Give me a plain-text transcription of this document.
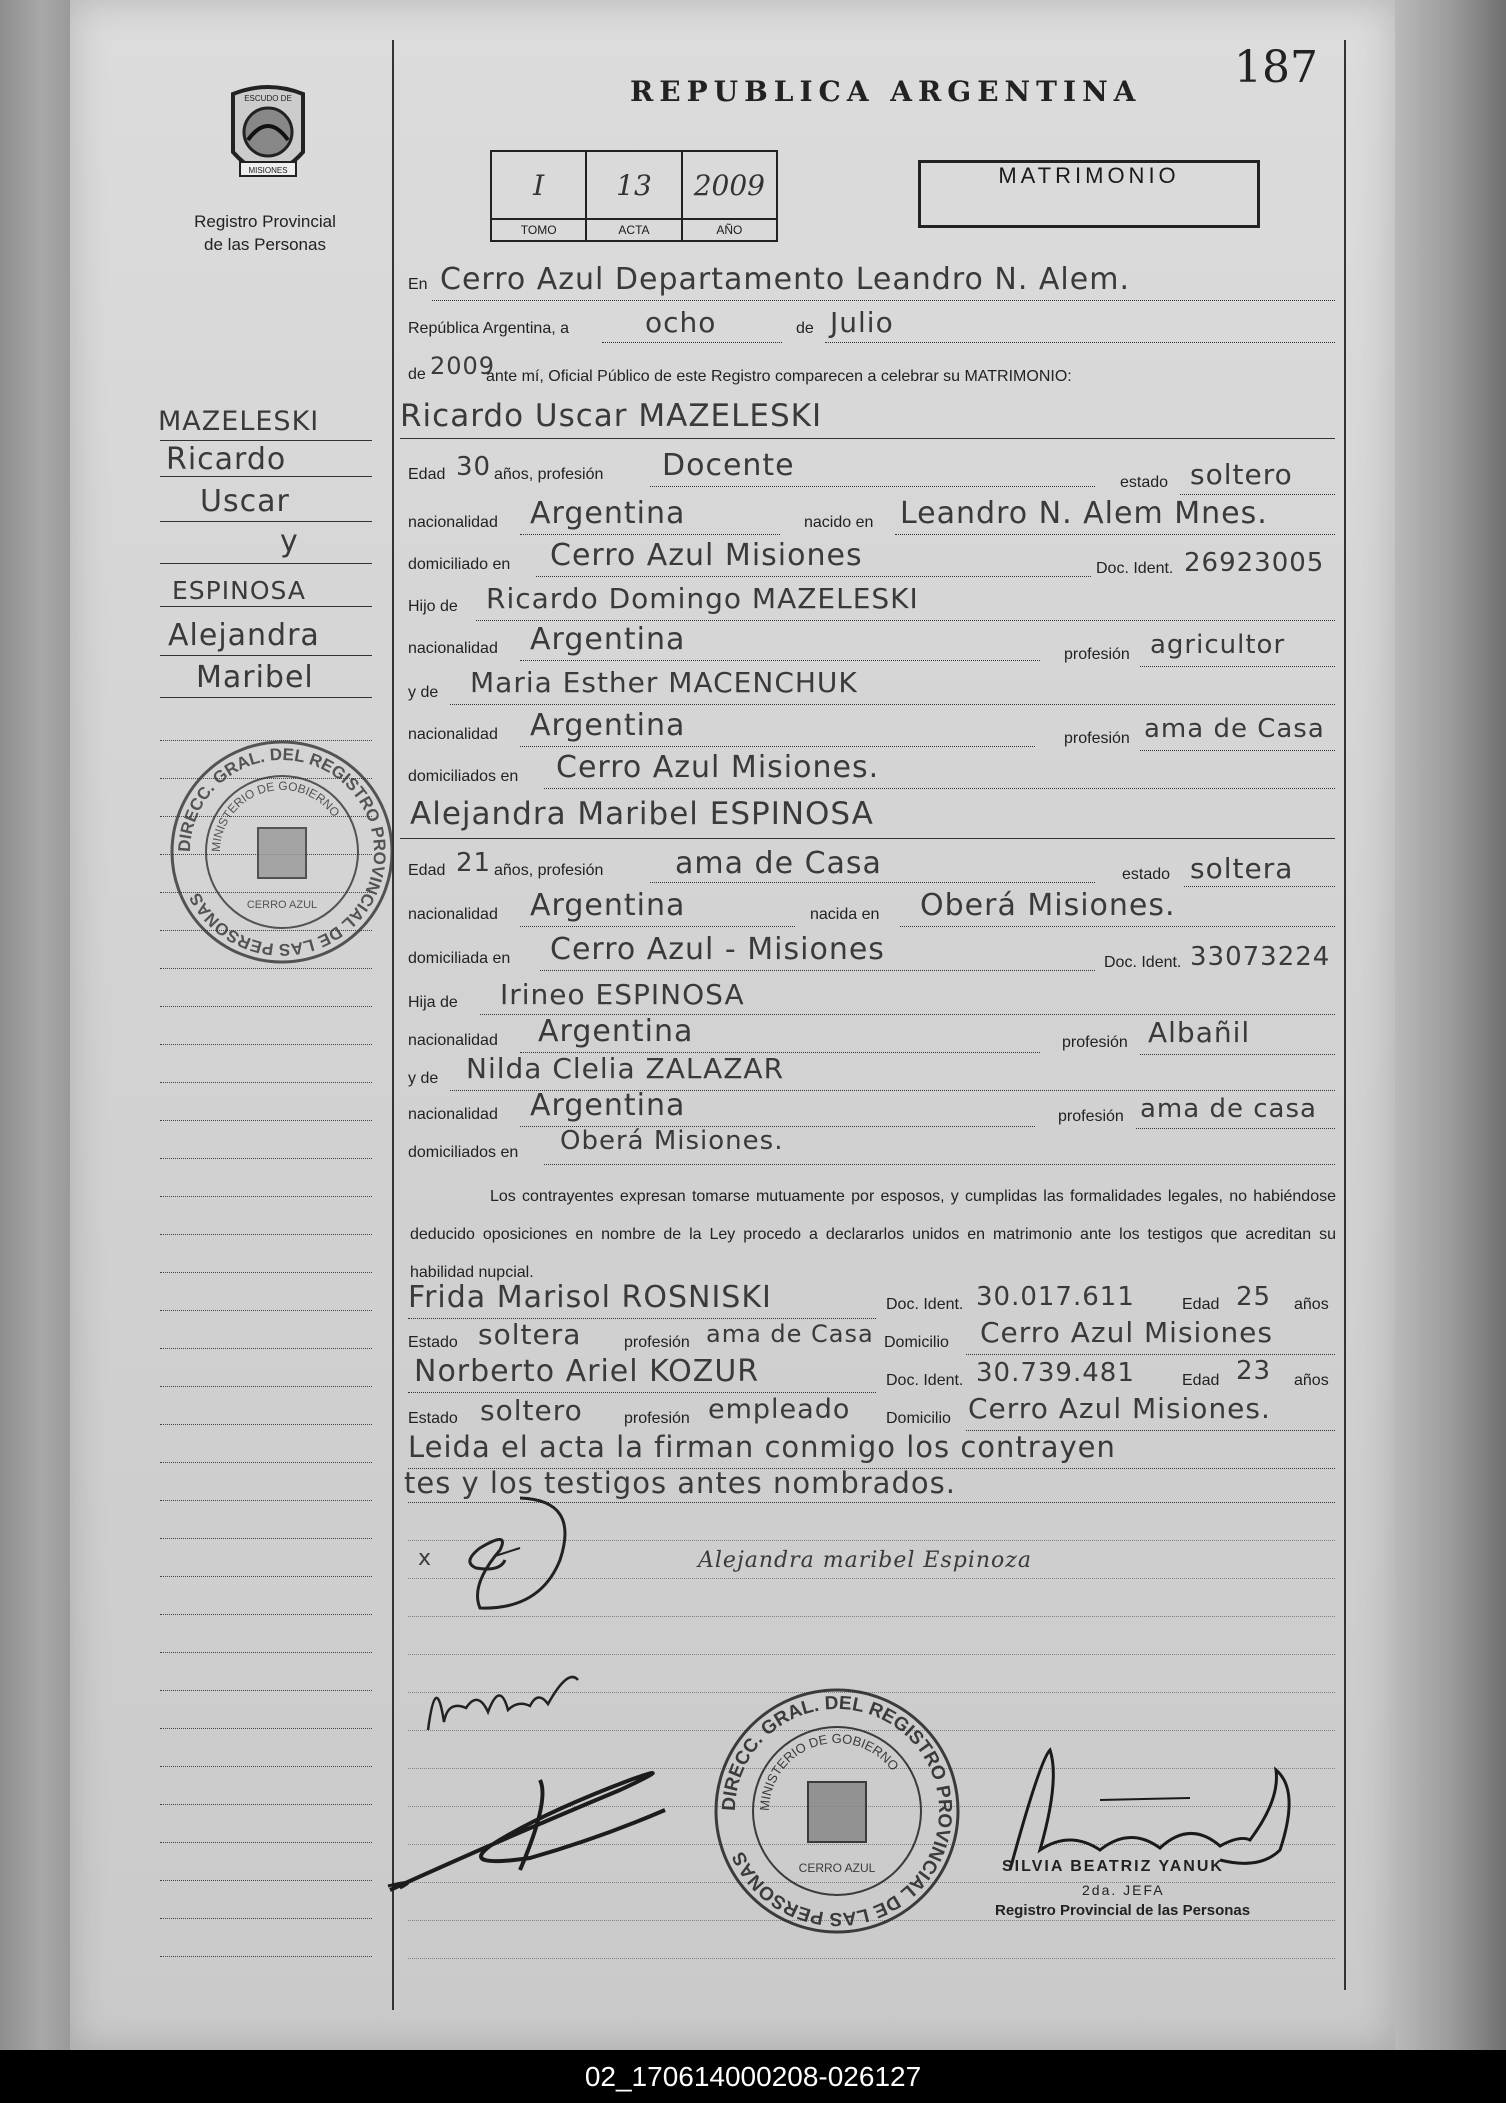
187
REPUBLICA ARGENTINA
ESCUDO DE
MISIONES
Registro Provincial
de las Personas
I
TOMO
13
ACTA
2009
AÑO
MATRIMONIO
MAZELESKI
Ricardo
Uscar
y
ESPINOSA
Alejandra
Maribel
DIRECC. GRAL. DEL REGISTRO PROVINCIAL DE LAS PERSONAS
MINISTERIO DE GOBIERNO
CERRO AZUL
En Cerro Azul Departamento Leandro N. Alem.
República Argentina, a	ocho	de Julio
de 2009
ante mí, Oficial Público de este Registro comparecen a celebrar su MATRIMONIO:
Ricardo Uscar MAZELESKI
Edad 30 años, profesión Docente	estado soltero
nacionalidad Argentina	nacido en Leandro N. Alem Mnes.
domiciliado en Cerro Azul Misiones	Doc. Ident. 26923005
Hijo de Ricardo Domingo MAZELESKI
nacionalidad Argentina	profesión agricultor
y de Maria Esther MACENCHUK
nacionalidad Argentina	profesión ama de Casa
domiciliados en Cerro Azul Misiones.
Alejandra Maribel ESPINOSA
Edad 21 años, profesión ama de Casa	estado soltera
nacionalidad Argentina	nacida en Oberá Misiones.
domiciliada en Cerro Azul - Misiones	Doc. Ident. 33073224
Hija de Irineo ESPINOSA
nacionalidad Argentina	profesión Albañil
y de Nilda Clelia ZALAZAR
nacionalidad Argentina	profesión ama de casa
domiciliados en Oberá Misiones.
Los contrayentes expresan tomarse mutuamente por esposos, y cumplidas las formalidades legales, no habiéndose deducido oposiciones en nombre de la Ley procedo a declararlos unidos en matrimonio ante los testigos que acreditan su habilidad nupcial.
Frida Marisol ROSNISKI	Doc. Ident. 30.017.611	Edad 25 años
Estado soltera	profesión ama de Casa Domicilio Cerro Azul Misiones
Norberto Ariel KOZUR	Doc. Ident. 30.739.481	Edad 23 años
Estado soltero	profesión empleado Domicilio Cerro Azul Misiones.
Leida el acta la firman conmigo los contrayen
tes y los testigos antes nombrados.
x	Alejandra maribel Espinoza
SILVIA BEATRIZ YANUK
2da. JEFA
Registro Provincial de las Personas
DIRECC. GRAL. DEL REGISTRO PROVINCIAL DE LAS PERSONAS
MINISTERIO DE GOBIERNO
CERRO AZUL
02_170614000208-026127
